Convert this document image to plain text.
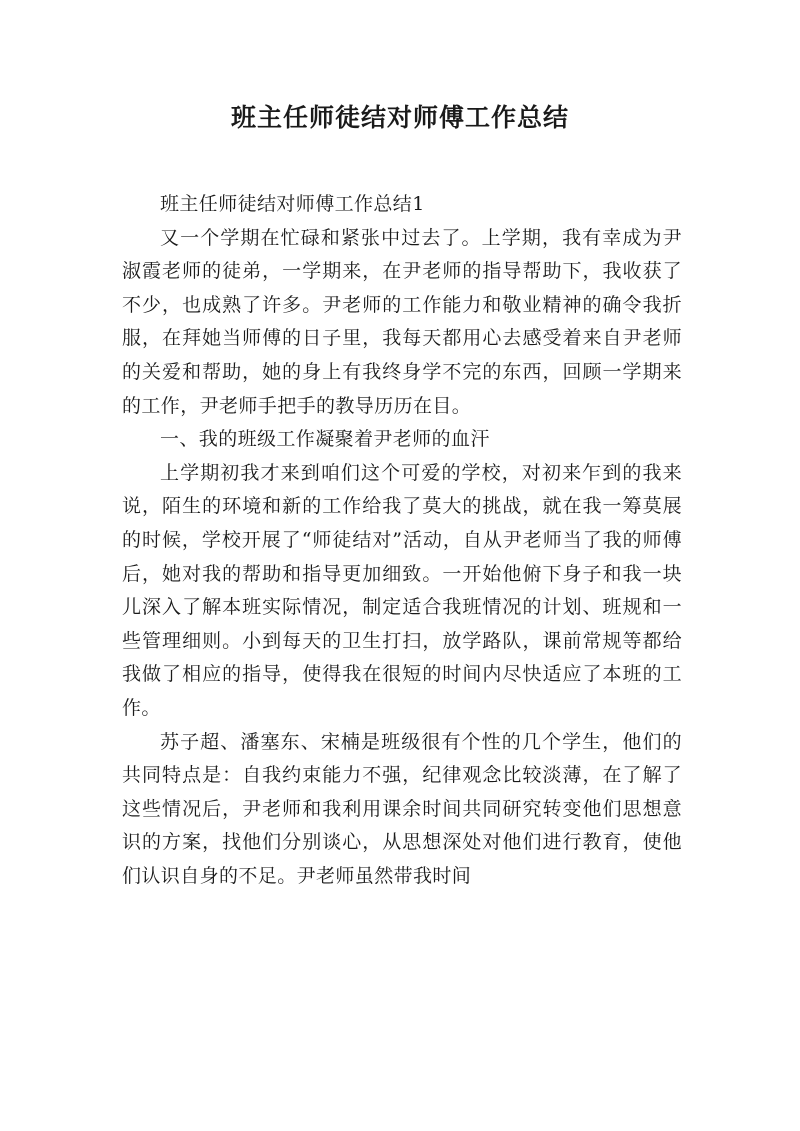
班主任师徒结对师傅工作总结

班主任师徒结对师傅工作总结1

又一个学期在忙碌和紧张中过去了。上学期，我有幸成为尹淑霞老师的徒弟，一学期来，在尹老师的指导帮助下，我收获了不少，也成熟了许多。尹老师的工作能力和敬业精神的确令我折服，在拜她当师傅的日子里，我每天都用心去感受着来自尹老师的关爱和帮助，她的身上有我终身学不完的东西，回顾一学期来的工作，尹老师手把手的教导历历在目。

一、我的班级工作凝聚着尹老师的血汗

上学期初我才来到咱们这个可爱的学校，对初来乍到的我来说，陌生的环境和新的工作给我了莫大的挑战，就在我一筹莫展的时候，学校开展了“师徒结对”活动，自从尹老师当了我的师傅后，她对我的帮助和指导更加细致。一开始他俯下身子和我一块儿深入了解本班实际情况，制定适合我班情况的计划、班规和一些管理细则。小到每天的卫生打扫，放学路队，课前常规等都给我做了相应的指导，使得我在很短的时间内尽快适应了本班的工作。

苏子超、潘塞东、宋楠是班级很有个性的几个学生，他们的共同特点是：自我约束能力不强，纪律观念比较淡薄，在了解了这些情况后，尹老师和我利用课余时间共同研究转变他们思想意识的方案，找他们分别谈心，从思想深处对他们进行教育，使他们认识自身的不足。尹老师虽然带我时间
